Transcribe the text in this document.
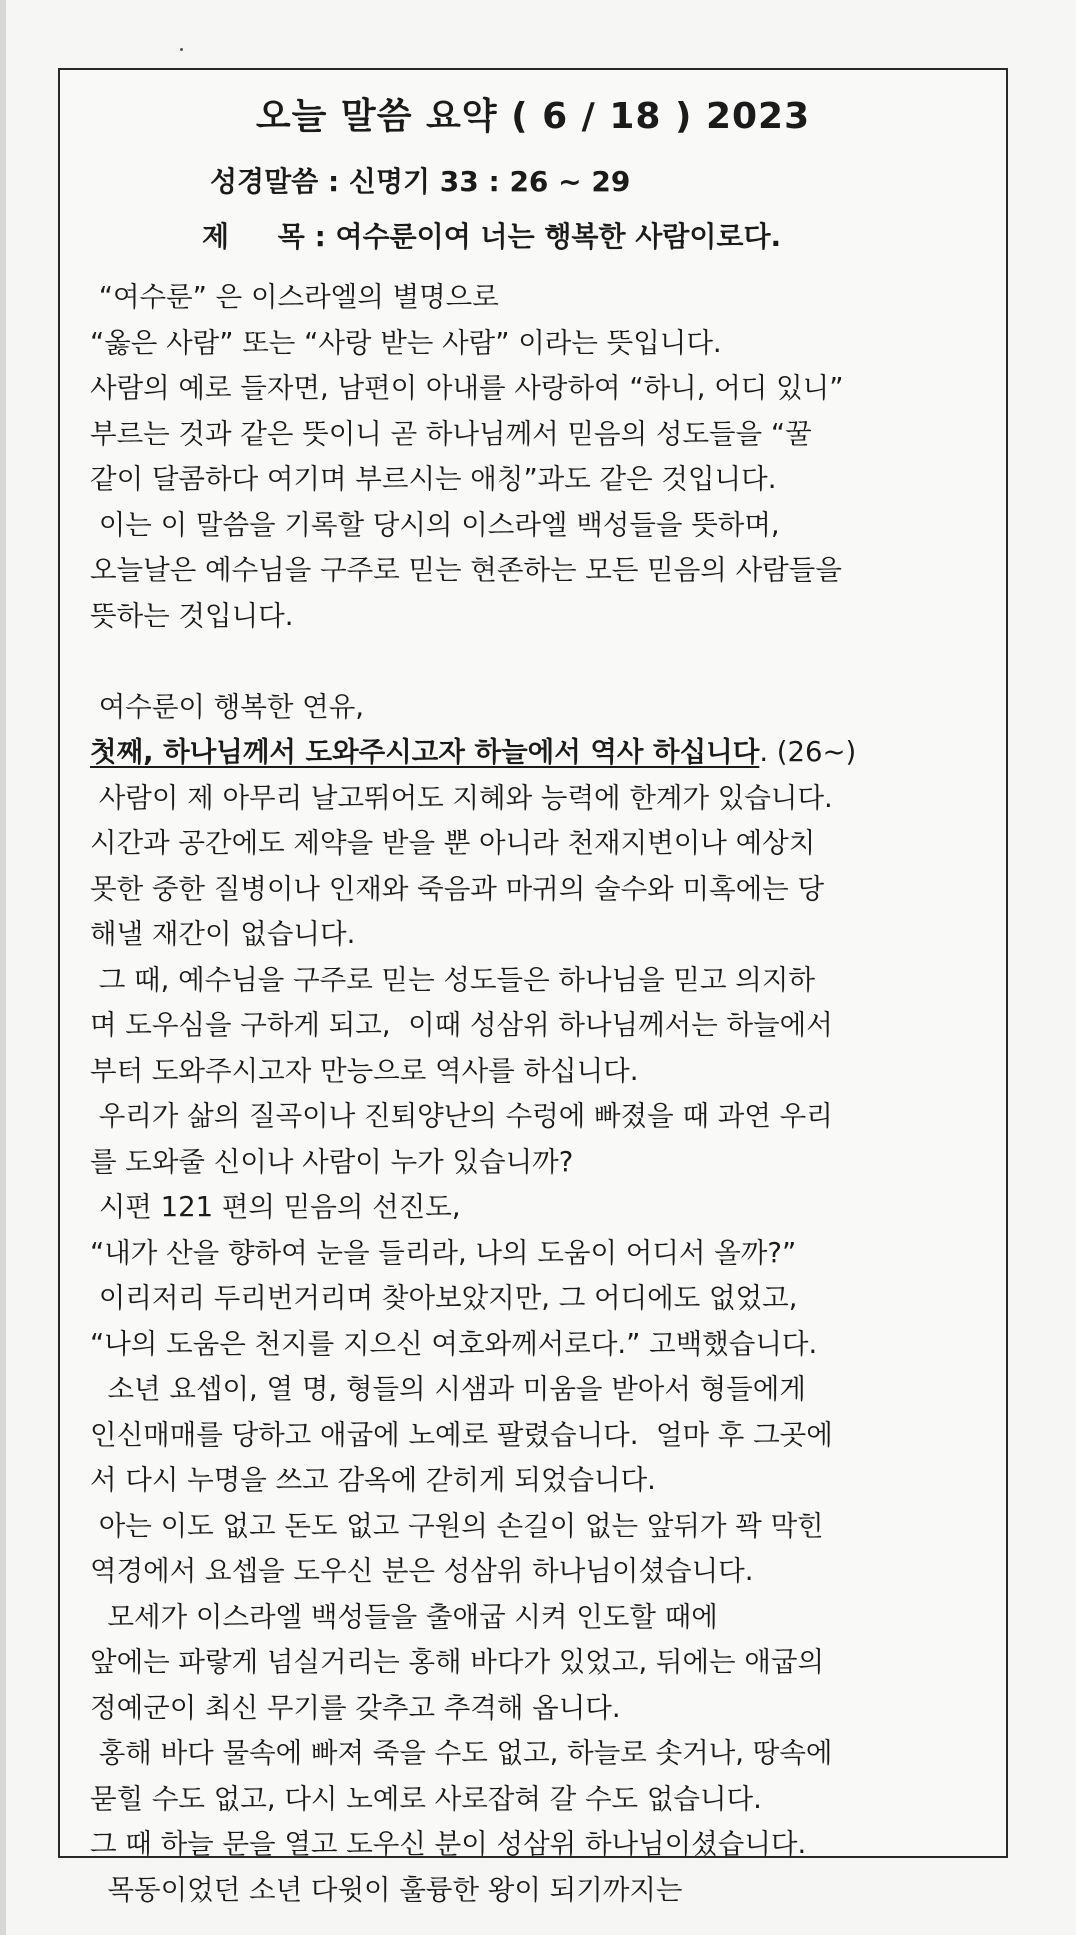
오늘 말씀 요약 ( 6 / 18 ) 2023
성경말씀 : 신명기 33 : 26 ~ 29
제     목 : 여수룬이여 너는 행복한 사람이로다.
“여수룬” 은 이스라엘의 별명으로
“옳은 사람” 또는 “사랑 받는 사람” 이라는 뜻입니다.
사람의 예로 들자면, 남편이 아내를 사랑하여 “하니, 어디 있니”
부르는 것과 같은 뜻이니 곧 하나님께서 믿음의 성도들을 “꿀
같이 달콤하다 여기며 부르시는 애칭”과도 같은 것입니다.
이는 이 말씀을 기록할 당시의 이스라엘 백성들을 뜻하며,
오늘날은 예수님을 구주로 믿는 현존하는 모든 믿음의 사람들을
뜻하는 것입니다.
여수룬이 행복한 연유,
첫째, 하나님께서 도와주시고자 하늘에서 역사 하십니다. (26~)
사람이 제 아무리 날고뛰어도 지혜와 능력에 한계가 있습니다.
시간과 공간에도 제약을 받을 뿐 아니라 천재지변이나 예상치
못한 중한 질병이나 인재와 죽음과 마귀의 술수와 미혹에는 당
해낼 재간이 없습니다.
그 때, 예수님을 구주로 믿는 성도들은 하나님을 믿고 의지하
며 도우심을 구하게 되고,  이때 성삼위 하나님께서는 하늘에서
부터 도와주시고자 만능으로 역사를 하십니다.
우리가 삶의 질곡이나 진퇴양난의 수렁에 빠졌을 때 과연 우리
를 도와줄 신이나 사람이 누가 있습니까?
시편 121 편의 믿음의 선진도,
“내가 산을 향하여 눈을 들리라, 나의 도움이 어디서 올까?”
이리저리 두리번거리며 찾아보았지만, 그 어디에도 없었고,
“나의 도움은 천지를 지으신 여호와께서로다.” 고백했습니다.
소년 요셉이, 열 명, 형들의 시샘과 미움을 받아서 형들에게
인신매매를 당하고 애굽에 노예로 팔렸습니다.  얼마 후 그곳에
서 다시 누명을 쓰고 감옥에 갇히게 되었습니다.
아는 이도 없고 돈도 없고 구원의 손길이 없는 앞뒤가 꽉 막힌
역경에서 요셉을 도우신 분은 성삼위 하나님이셨습니다.
모세가 이스라엘 백성들을 출애굽 시켜 인도할 때에
앞에는 파랗게 넘실거리는 홍해 바다가 있었고, 뒤에는 애굽의
정예군이 최신 무기를 갖추고 추격해 옵니다.
홍해 바다 물속에 빠져 죽을 수도 없고, 하늘로 솟거나, 땅속에
묻힐 수도 없고, 다시 노예로 사로잡혀 갈 수도 없습니다.
그 때 하늘 문을 열고 도우신 분이 성삼위 하나님이셨습니다.
목동이었던 소년 다윗이 훌륭한 왕이 되기까지는
